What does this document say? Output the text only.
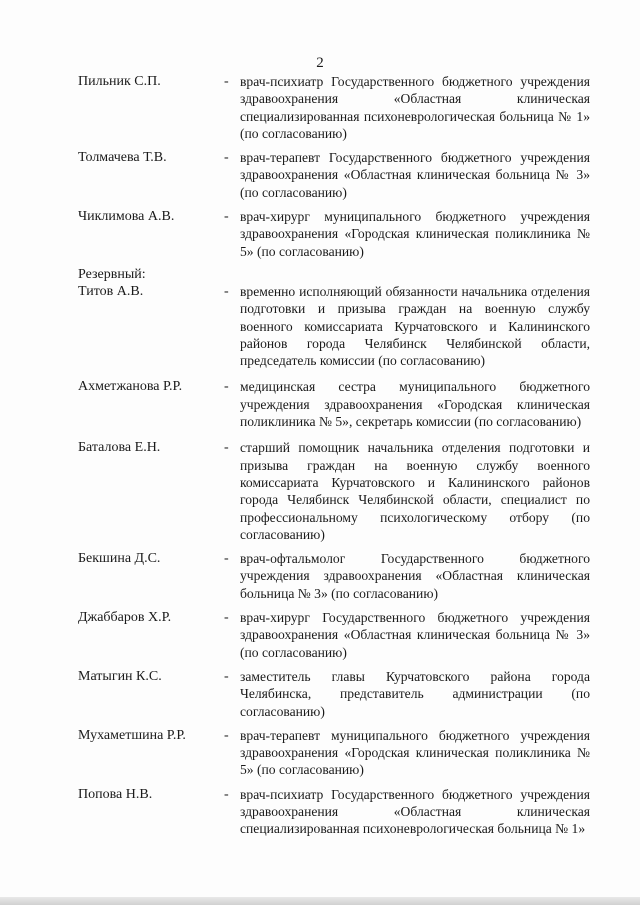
2
Пильник С.П.	- врач-психиатр Государственного бюджетного учреждения здравоохранения «Областная клиническая специализированная психоневрологическая больница № 1» (по согласованию)
Толмачева Т.В.	- врач-терапевт Государственного бюджетного учреждения здравоохранения «Областная клиническая больница № 3» (по согласованию)
Чиклимова А.В.	- врач-хирург муниципального бюджетного учреждения здравоохранения «Городская клиническая поликлиника № 5» (по согласованию)
Резервный:
Титов А.В.	- временно исполняющий обязанности начальника отделения подготовки и призыва граждан на военную службу военного комиссариата Курчатовского и Калининского районов города Челябинск Челябинской области, председатель комиссии (по согласованию)
Ахметжанова Р.Р.	- медицинская сестра муниципального бюджетного учреждения здравоохранения «Городская клиническая поликлиника № 5», секретарь комиссии (по согласованию)
Баталова Е.Н.	- старший помощник начальника отделения подготовки и призыва граждан на военную службу военного комиссариата Курчатовского и Калининского районов города Челябинск Челябинской области, специалист по профессиональному психологическому отбору (по согласованию)
Бекшина Д.С.	- врач-офтальмолог Государственного бюджетного учреждения здравоохранения «Областная клиническая больница № 3» (по согласованию)
Джаббаров Х.Р.	- врач-хирург Государственного бюджетного учреждения здравоохранения «Областная клиническая больница № 3» (по согласованию)
Матыгин К.С.	- заместитель главы Курчатовского района города Челябинска, представитель администрации (по согласованию)
Мухаметшина Р.Р.	- врач-терапевт муниципального бюджетного учреждения здравоохранения «Городская клиническая поликлиника № 5» (по согласованию)
Попова Н.В.	- врач-психиатр Государственного бюджетного учреждения здравоохранения «Областная клиническая специализированная психоневрологическая больница № 1»
